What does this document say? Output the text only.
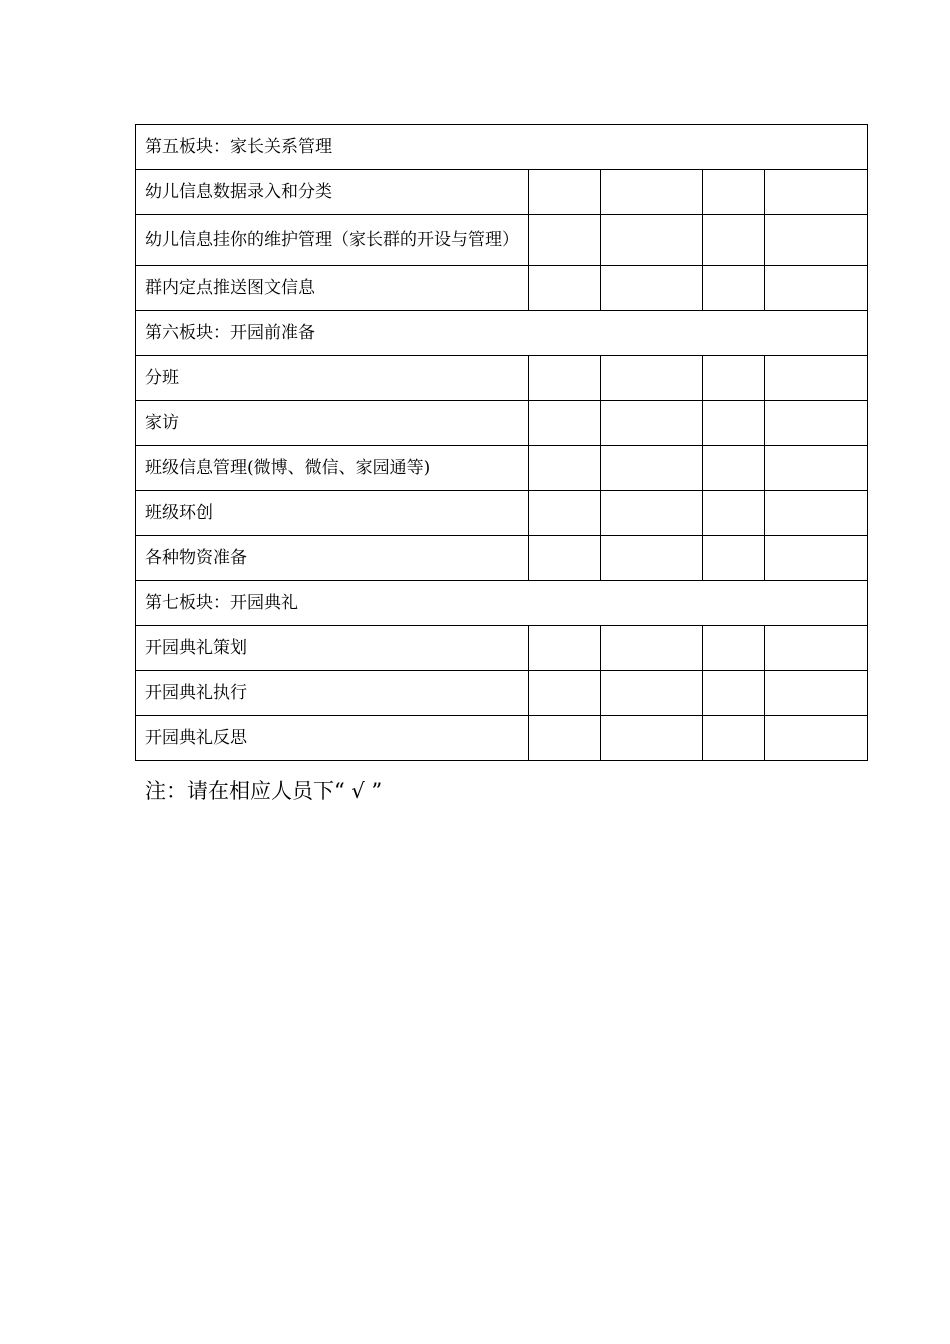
第五板块：家长关系管理				
幼儿信息数据录入和分类				
幼儿信息挂你的维护管理（家长群的开设与管理）				
群内定点推送图文信息				
第六板块：开园前准备				
分班				
家访				
班级信息管理(微博、微信、家园通等)				
班级环创				
各种物资准备				
第七板块：开园典礼				
开园典礼策划				
开园典礼执行				
开园典礼反思				
注：请在相应人员下“ √ ”
